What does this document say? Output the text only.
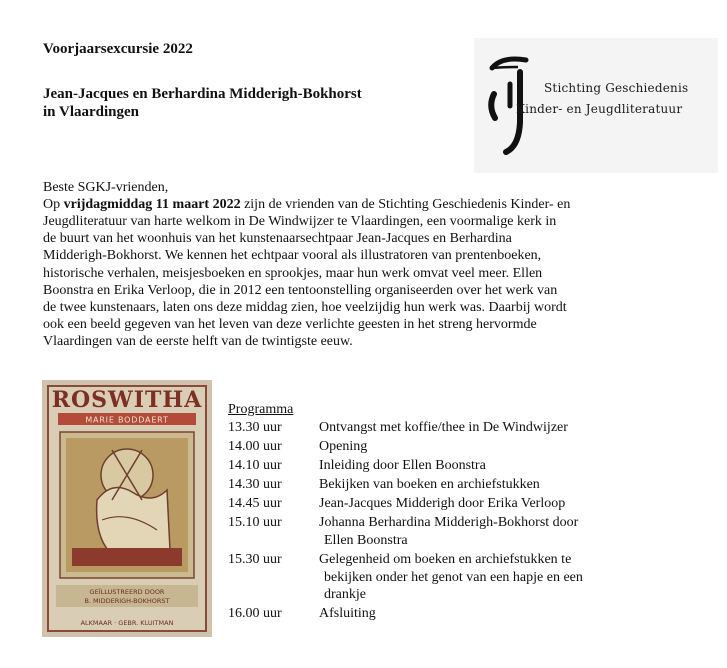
Voorjaarsexcursie 2022
Jean-Jacques en Berhardina Midderigh-Bokhorst
in Vlaardingen
Stichting Geschiedenis
Kinder- en Jeugdliteratuur
Beste SGKJ-vrienden,
Op vrijdagmiddag 11 maart 2022 zijn de vrienden van de Stichting Geschiedenis Kinder- en
Jeugdliteratuur van harte welkom in De Windwijzer te Vlaardingen, een voormalige kerk in
de buurt van het woonhuis van het kunstenaarsechtpaar Jean-Jacques en Berhardina
Midderigh-Bokhorst. We kennen het echtpaar vooral als illustratoren van prentenboeken,
historische verhalen, meisjesboeken en sprookjes, maar hun werk omvat veel meer. Ellen
Boonstra en Erika Verloop, die in 2012 een tentoonstelling organiseerden over het werk van
de twee kunstenaars, laten ons deze middag zien, hoe veelzijdig hun werk was. Daarbij wordt
ook een beeld gegeven van het leven van deze verlichte geesten in het streng hervormde
Vlaardingen van de eerste helft van de twintigste eeuw.
ROSWITHA
MARIE BODDAERT
GEÏLLUSTREERD DOOR
B. MIDDERIGH-BOKHORST
ALKMAAR · GEBR. KLUITMAN
Programma
13.30 uur	Ontvangst met koffie/thee in De Windwijzer
14.00 uur	Opening
14.10 uur	Inleiding door Ellen Boonstra
14.30 uur	Bekijken van boeken en archiefstukken
14.45 uur	Jean-Jacques Midderigh door Erika Verloop
15.10 uur	Johanna Berhardina Midderigh-Bokhorst door
Ellen Boonstra
15.30 uur	Gelegenheid om boeken en archiefstukken te
bekijken onder het genot van een hapje en een
drankje
16.00 uur	Afsluiting
